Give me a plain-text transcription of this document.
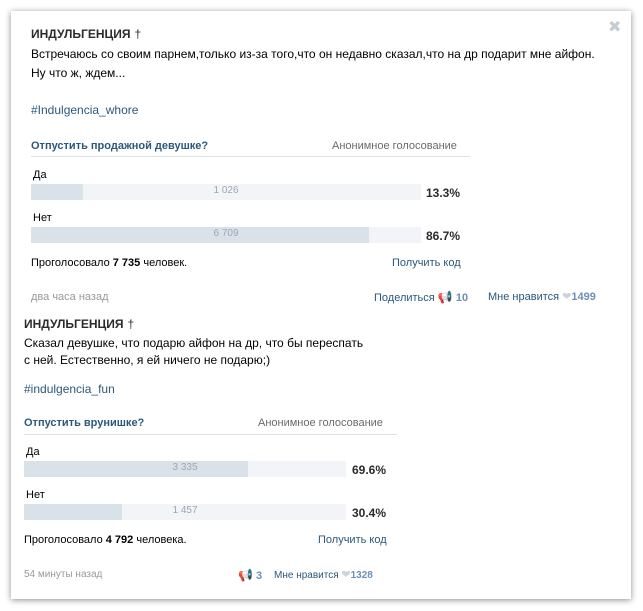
✖
ИНДУЛЬГЕНЦИЯ †
Встречаюсь со своим парнем,только из-за того,что он недавно сказал,что на др подарит мне айфон.
Ну что ж, ждем...
#Indulgencia_whore
Отпустить продажной девушке?	Анонимное голосование
Да
1 026	13.3%
Нет
6 709	86.7%
Проголосовало 7 735 человек.	Получить код
два часа назад	Поделиться 📢 10 Мне нравится ❤1499
ИНДУЛЬГЕНЦИЯ †
Сказал девушке, что подарю айфон на др, что бы переспать
с ней. Естественно, я ей ничего не подарю;)
#indulgencia_fun
Отпустить врунишке?	Анонимное голосование
Да
3 335	69.6%
Нет
1 457	30.4%
Проголосовало 4 792 человека.	Получить код
54 минуты назад	📢 3 Мне нравится ❤1328
